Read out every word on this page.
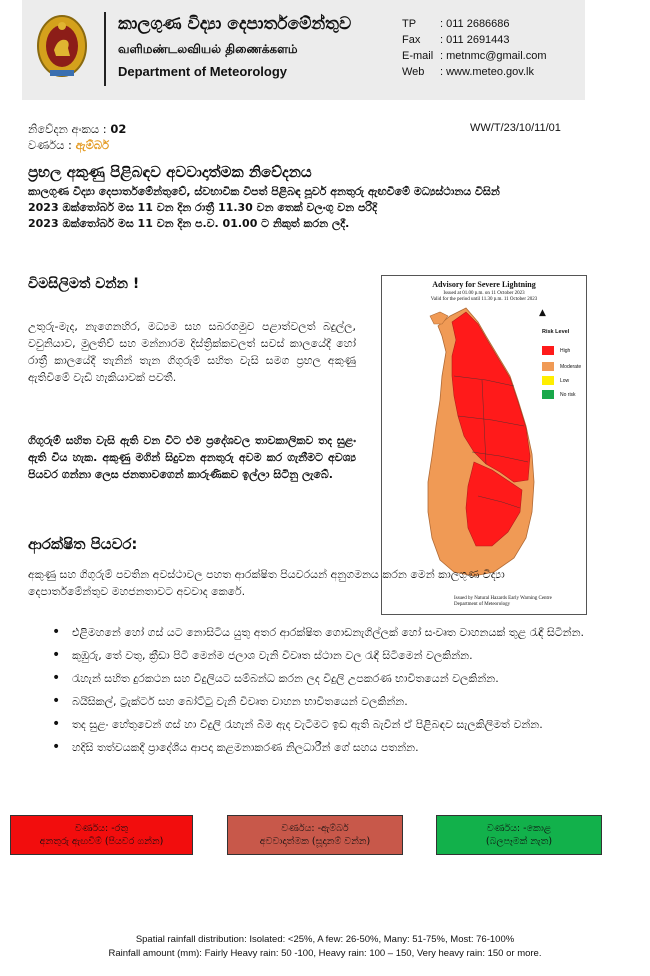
කාලගුණ විද්‍යා දෙපාර්තමේන්තුව
வளிமண்டலவியல் திணைக்களம்
Department of Meteorology
TP	: 011 2686686
Fax	: 011 2691443
E-mail : metnmc@gmail.com
Web	: www.meteo.gov.lk
නිවේදන අංකය : 02	WW/T/23/10/11/01
වර්ණය : ඇම්බර්
ප්‍රභල අකුණු පිළිබඳව අවවාදාත්මක නිවේදනය
කාලගුණ විද්‍යා දෙපාර්තමේන්තුවේ, ස්වභාවික විපත් පිළිබඳ පූර්ව අනතුරු ඇඟවීමේ මධ්‍යස්ථානය විසින්
2023 ඔක්තෝබර් මස 11 වන දින රාත්‍රී 11.30 වන තෙක් වලංගු වන පරිදි
2023 ඔක්තෝබර් මස 11 වන දින ප.ව. 01.00 ට නිකුත් කරන ලදී.
විමසිලිමත් වන්න !
උතුරු-මැද, නැගෙනහිර, මධ්‍යම සහ සබරගමුව පළාත්වලත් බදුල්ල, වවුනියාව, මුලතිව් සහ මන්නාරම දිස්ත්‍රික්කවලත් සවස් කාලයේදී හෝ රාත්‍රී කාලයේදී තැනින් තැන ගිගුරුම් සහිත වැසි සමග ප්‍රභල අකුණු ඇතිවීමේ වැඩි හැකියාවක් පවතී.
ගිගුරුම් සහිත වැසි ඇති වන විට එම ප්‍රදේශවල තාවකාලිකව තද සුළං ඇති විය හැක. අකුණු මගින් සිදුවන අනතුරු අවම කර ගැනීමට අවශ්‍ය පියවර ගන්නා ලෙස ජනතාවගෙන් කාරුණිකව ඉල්ලා සිටිනු ලැබේ.
Advisory for Severe Lightning
Issued at 01.00 p.m. on 11 October 2023
Valid for the period until 11.30 p.m. 11 October 2023
▲
Risk Level
High
Moderate
Low
No risk
Issued by Natural Hazards Early Warning Centre
Department of Meteorology
ආරක්ෂිත පියවර:
අකුණු සහ ගිගුරුම් පවතින අවස්ථාවල පහත ආරක්ෂිත පියවරයන් අනුගමනය කරන මෙන් කාලගුණ විද්‍යා දෙපාර්තමේන්තුව මහජනතාවට අවවාද කෙරේ.
• එළිමහනේ හෝ ගස් යට නොසිටිය යුතු අතර ආරක්ෂිත ගොඩනැගිල්ලක් හෝ සංවෘත වාහනයක් තුළ රැඳී සිටින්න.
• කුඹුරු, තේ වතු, ක්‍රීඩා පිටි මෙන්ම ජලාශ වැනි විවෘත ස්ථාන වල රැඳී සිටීමෙන් වලකින්න.
• රැහැන් සහිත දුරකථන සහ විදුලියට සම්බන්ධ කරන ලද විදුලි උපකරණ භාවිතයෙන් වලකින්න.
• බයිසිකල්, ට්‍රැක්ටර් සහ බෝට්ටු වැනි විවෘත වාහන භාවිතයෙන් වලකින්න.
• තද සුළං හේතුවෙන් ගස් හා විදුලි රැහැන් බිම ඇද වැටීමට ඉඩ ඇති බැවින් ඒ පිළිබඳව සැලකිලිමත් වන්න.
• හදිසි තත්වයකදී ප්‍රාදේශීය ආපදා කළමනාකරණ නිලධාරීන් ගේ සහය පතන්න.
වර්ණය: -රතු
අනතුරු ඇඟවීම් (පියවර ගන්න)
වර්ණය: -ඇම්බර්
අවවාදාත්මක (සූදානම් වන්න)
වර්ණය: -කොළ
(බලපෑමක් නැත)
Spatial rainfall distribution: Isolated: <25%, A few: 26-50%, Many: 51-75%, Most: 76-100%
Rainfall amount (mm): Fairly Heavy rain: 50 -100, Heavy rain: 100 – 150, Very heavy rain: 150 or more.
